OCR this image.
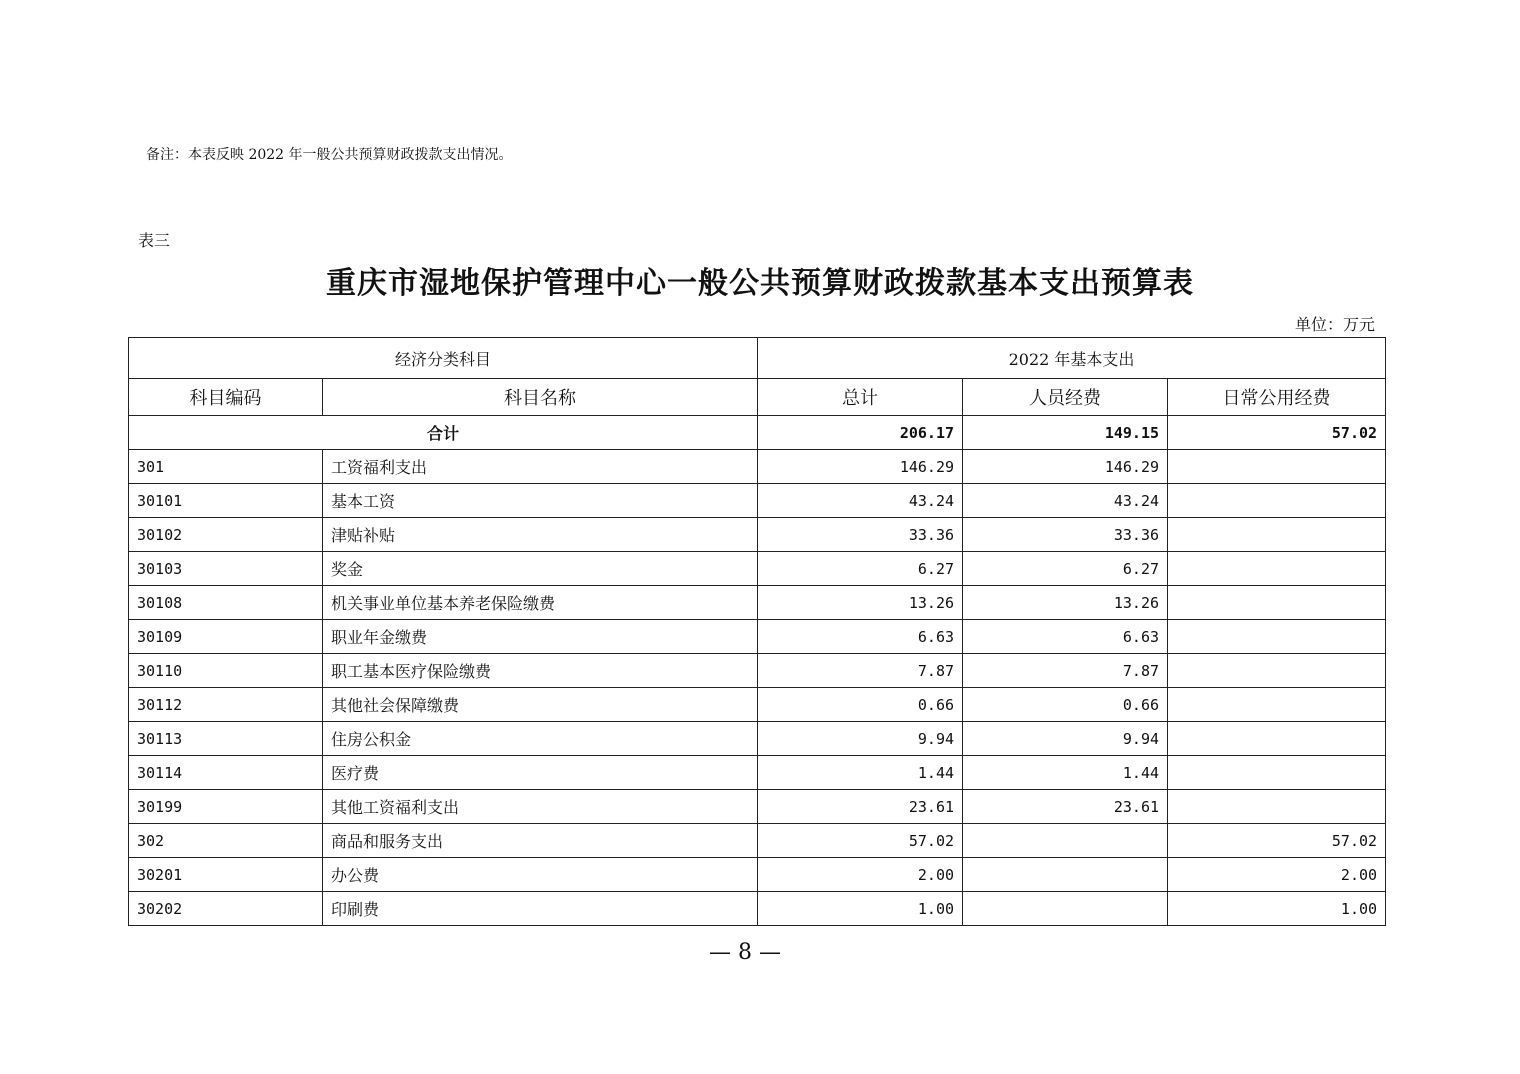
备注：本表反映 2022 年一般公共预算财政拨款支出情况。
表三
重庆市湿地保护管理中心一般公共预算财政拨款基本支出预算表
单位：万元
经济分类科目		2022 年基本支出		
科目编码	科目名称	总计	人员经费	日常公用经费
合计		206.17	149.15	57.02
301	工资福利支出	146.29	146.29	
30101	基本工资	43.24	43.24	
30102	津贴补贴	33.36	33.36	
30103	奖金	6.27	6.27	
30108	机关事业单位基本养老保险缴费	13.26	13.26	
30109	职业年金缴费	6.63	6.63	
30110	职工基本医疗保险缴费	7.87	7.87	
30112	其他社会保障缴费	0.66	0.66	
30113	住房公积金	9.94	9.94	
30114	医疗费	1.44	1.44	
30199	其他工资福利支出	23.61	23.61	
302	商品和服务支出	57.02		57.02
30201	办公费	2.00		2.00
30202	印刷费	1.00		1.00
— 8 —
